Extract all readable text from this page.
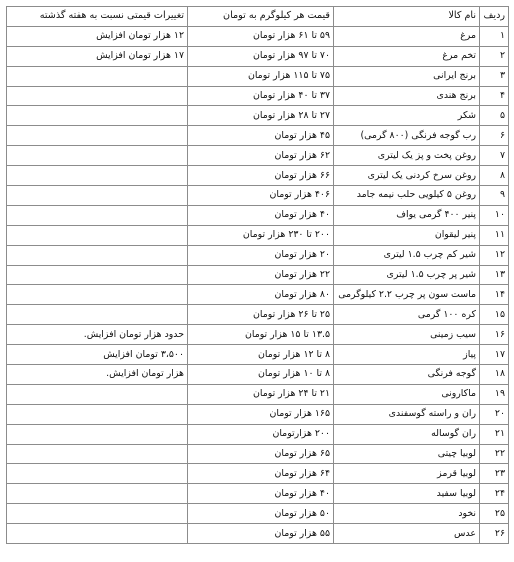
ردیف	نام کالا	قیمت هر کیلوگرم به تومان	تغییرات قیمتی نسبت به هفته گذشته
۱	مرغ	۵۹ تا ۶۱ هزار تومان	۱۲ هزار تومان افزایش
۲	تخم مرغ	۷۰ تا ۹۷ هزار تومان	۱۷ هزار تومان افزایش
۳	برنج ایرانی	۷۵ تا ۱۱۵ هزار تومان	
۴	برنج هندی	۳۷ تا ۴۰ هزار تومان	
۵	شکر	۲۷ تا ۲۸ هزار تومان	
۶	رب گوجه فرنگی (۸۰۰ گرمی)	۴۵ هزار تومان	
۷	روغن پخت و پز یک لیتری	۶۲ هزار تومان	
۸	روغن سرخ کردنی یک لیتری	۶۶ هزار تومان	
۹	روغن ۵ کیلویی حلب نیمه جامد	۴۰۶ هزار تومان	
۱۰	پنیر ۴۰۰ گرمی یواف	۴۰ هزار تومان	
۱۱	پنیر لیقوان	۲۰۰ تا ۲۳۰ هزار تومان	
۱۲	شیر کم چرب ۱.۵ لیتری	۲۰ هزار تومان	
۱۳	شیر پر چرب ۱.۵ لیتری	۲۲ هزار تومان	
۱۴	ماست سون پر چرب ۲.۲ کیلوگرمی	۸۰ هزار تومان	
۱۵	کره ۱۰۰ گرمی	۲۵ تا ۲۶ هزار تومان	
۱۶	سیب زمینی	۱۳.۵ تا ۱۵ هزار تومان	حدود هزار تومان افزایش.
۱۷	پیاز	۸ تا ۱۲ هزار تومان	۳،۵۰۰ تومان افزایش
۱۸	گوجه فرنگی	۸ تا ۱۰ هزار تومان	هزار تومان افزایش.
۱۹	ماکارونی	۲۱ تا ۲۴ هزار تومان	
۲۰	ران و راسته گوسفندی	۱۶۵ هزار تومان	
۲۱	ران گوساله	۲۰۰ هزارتومان	
۲۲	لوبیا چیتی	۶۵ هزار تومان	
۲۳	لوبیا قرمز	۶۴ هزار تومان	
۲۴	لوبیا سفید	۴۰ هزار تومان	
۲۵	نخود	۵۰ هزار تومان	
۲۶	عدس	۵۵ هزار تومان	
